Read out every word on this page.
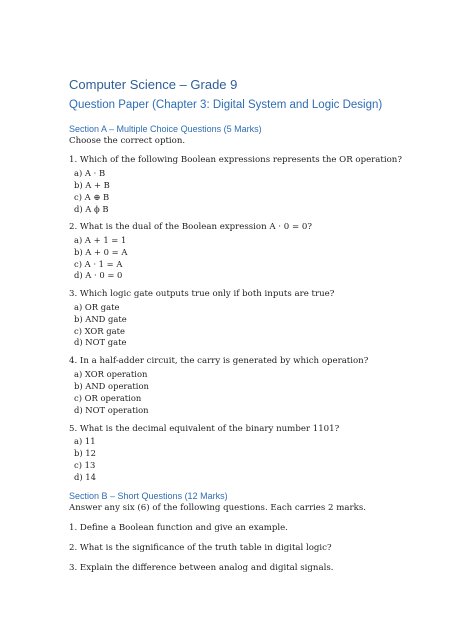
Computer Science – Grade 9
Question Paper (Chapter 3: Digital System and Logic Design)
Section A – Multiple Choice Questions (5 Marks)
Choose the correct option.
1. Which of the following Boolean expressions represents the OR operation?
a) A · B
b) A + B
c) A ⊕ B
d) A ϕ B
2. What is the dual of the Boolean expression A · 0 = 0?
a) A + 1 = 1
b) A + 0 = A
c) A · 1 = A
d) A · 0 = 0
3. Which logic gate outputs true only if both inputs are true?
a) OR gate
b) AND gate
c) XOR gate
d) NOT gate
4. In a half-adder circuit, the carry is generated by which operation?
a) XOR operation
b) AND operation
c) OR operation
d) NOT operation
5. What is the decimal equivalent of the binary number 1101?
a) 11
b) 12
c) 13
d) 14
Section B – Short Questions (12 Marks)
Answer any six (6) of the following questions. Each carries 2 marks.
1. Define a Boolean function and give an example.
2. What is the significance of the truth table in digital logic?
3. Explain the difference between analog and digital signals.
